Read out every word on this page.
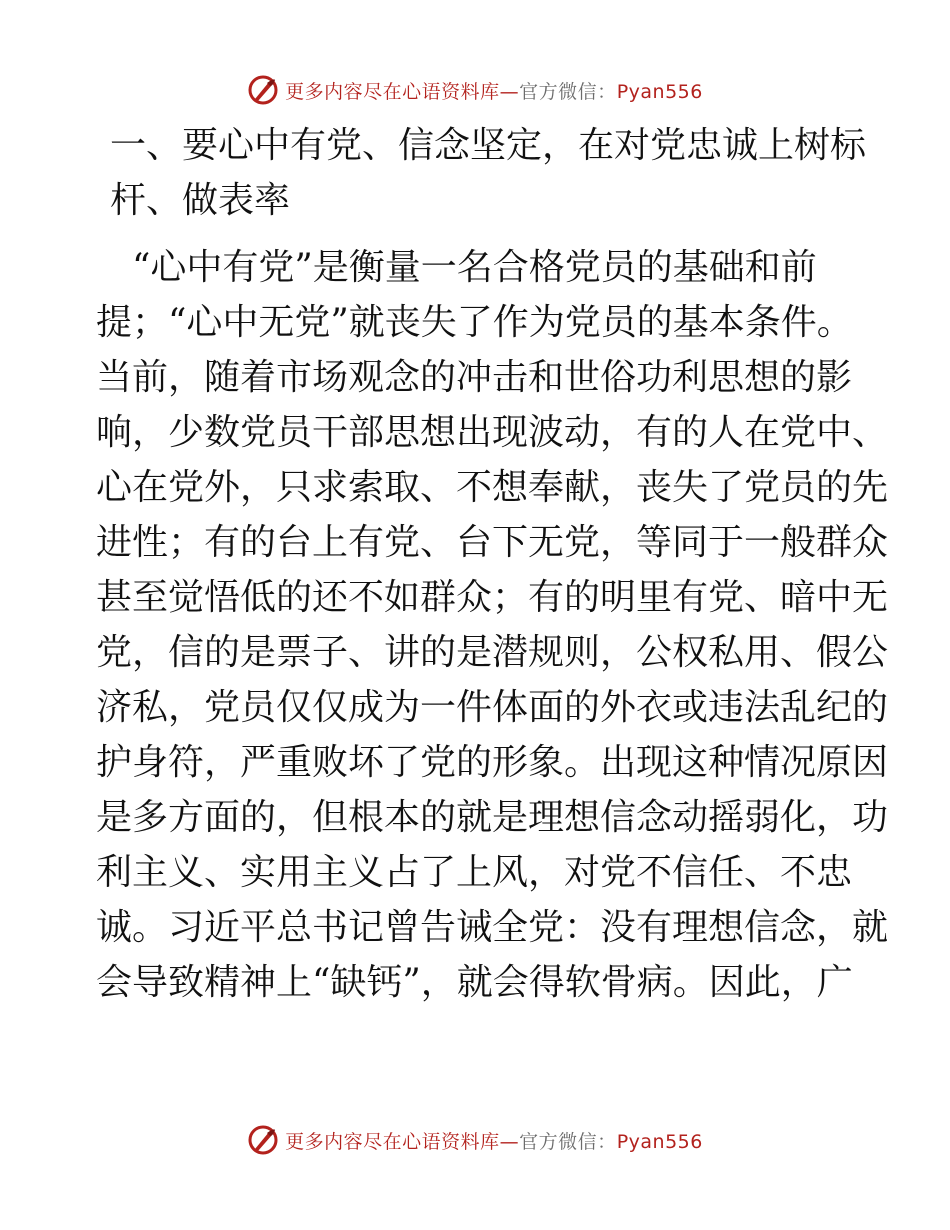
更多内容尽在心语资料库—官方微信：Pyan556
一、要心中有党、信念坚定，在对党忠诚上树标
杆、做表率
　“心中有党”是衡量一名合格党员的基础和前
提；“心中无党”就丧失了作为党员的基本条件。
当前，随着市场观念的冲击和世俗功利思想的影
响，少数党员干部思想出现波动，有的人在党中、
心在党外，只求索取、不想奉献，丧失了党员的先
进性；有的台上有党、台下无党，等同于一般群众
甚至觉悟低的还不如群众；有的明里有党、暗中无
党，信的是票子、讲的是潜规则，公权私用、假公
济私，党员仅仅成为一件体面的外衣或违法乱纪的
护身符，严重败坏了党的形象。出现这种情况原因
是多方面的，但根本的就是理想信念动摇弱化，功
利主义、实用主义占了上风，对党不信任、不忠
诚。习近平总书记曾告诫全党：没有理想信念，就
会导致精神上“缺钙”，就会得软骨病。因此，广
更多内容尽在心语资料库—官方微信：Pyan556
